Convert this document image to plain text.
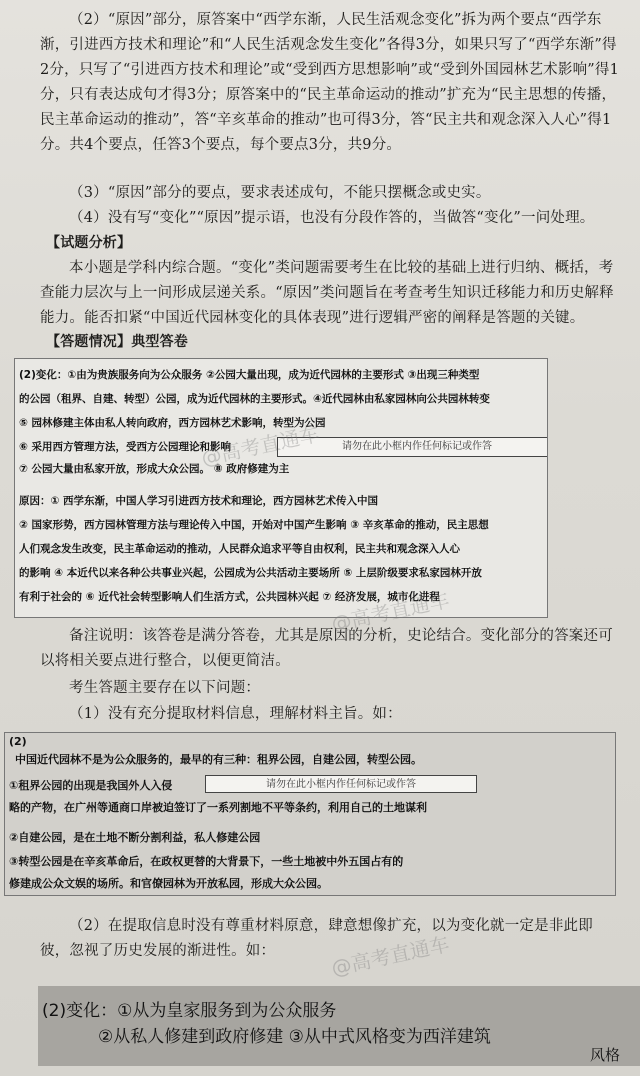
（2）“原因”部分，原答案中“西学东渐，人民生活观念变化”拆为两个要点“西学东渐，引进西方技术和理论”和“人民生活观念发生变化”各得3分，如果只写了“西学东渐”得2分，只写了“引进西方技术和理论”或“受到西方思想影响”或“受到外国园林艺术影响”得1分，只有表达成句才得3分；原答案中的“民主革命运动的推动”扩充为“民主思想的传播，民主革命运动的推动”，答“辛亥革命的推动”也可得3分，答“民主共和观念深入人心”得1分。共4个要点，任答3个要点，每个要点3分，共9分。
（3）“原因”部分的要点，要求表述成句，不能只摆概念或史实。
（4）没有写“变化”“原因”提示语，也没有分段作答的，当做答“变化”一问处理。
【试题分析】
本小题是学科内综合题。“变化”类问题需要考生在比较的基础上进行归纳、概括，考查能力层次与上一问形成层递关系。“原因”类问题旨在考查考生知识迁移能力和历史解释能力。能否扣紧“中国近代园林变化的具体表现”进行逻辑严密的阐释是答题的关键。
【答题情况】典型答卷
请勿在此小框内作任何标记或作答
(2)变化：①由为贵族服务向为公众服务 ②公园大量出现，成为近代园林的主要形式 ③出现三种类型
的公园（租界、自建、转型）公园，成为近代园林的主要形式。④近代园林由私家园林向公共园林转变
⑤ 园林修建主体由私人转向政府，西方园林艺术影响，转型为公园
⑥ 采用西方管理方法，受西方公园理论和影响
⑦ 公园大量由私家开放，形成大众公园。 ⑧ 政府修建为主
原因：① 西学东渐，中国人学习引进西方技术和理论，西方园林艺术传入中国
② 国家形势，西方园林管理方法与理论传入中国，开始对中国产生影响 ③ 辛亥革命的推动，民主思想
人们观念发生改变，民主革命运动的推动，人民群众追求平等自由权利，民主共和观念深入人心
的影响 ④ 本近代以来各种公共事业兴起，公园成为公共活动主要场所 ⑤ 上层阶级要求私家园林开放
有利于社会的 ⑥ 近代社会转型影响人们生活方式，公共园林兴起 ⑦ 经济发展，城市化进程
备注说明：该答卷是满分答卷，尤其是原因的分析，史论结合。变化部分的答案还可以将相关要点进行整合，以便更简洁。
考生答题主要存在以下问题：
（1）没有充分提取材料信息，理解材料主旨。如：
请勿在此小框内作任何标记或作答
(2)
中国近代园林不是为公众服务的，最早的有三种：租界公园，自建公园，转型公园。
①租界公园的出现是我国外人入侵
略的产物，在广州等通商口岸被迫签订了一系列割地不平等条约，利用自己的土地谋利
②自建公园，是在土地不断分割利益，私人修建公园
③转型公园是在辛亥革命后，在政权更替的大背景下，一些土地被中外五国占有的
修建成公众文娱的场所。和官僚园林为开放私园，形成大众公园。
（2）在提取信息时没有尊重材料原意，肆意想像扩充，以为变化就一定是非此即彼，忽视了历史发展的渐进性。如：
(2)变化：①从为皇家服务到为公众服务
②从私人修建到政府修建 ③从中式风格变为西洋建筑
风格
@高考直通车
@高考直通车
@高考直通车
